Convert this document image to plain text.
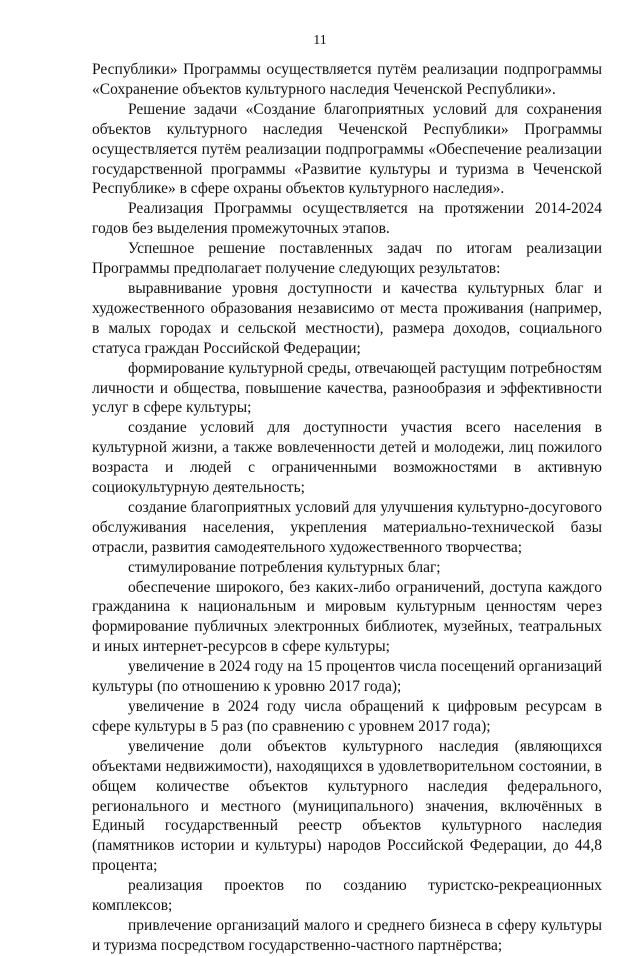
11

Республики» Программы осуществляется путём реализации подпрограммы «Сохранение объектов культурного наследия Чеченской Республики».

Решение задачи «Создание благоприятных условий для сохранения объектов культурного наследия Чеченской Республики» Программы осуществляется путём реализации подпрограммы «Обеспечение реализации государственной программы «Развитие культуры и туризма в Чеченской Республике» в сфере охраны объектов культурного наследия».

Реализация Программы осуществляется на протяжении 2014-2024 годов без выделения промежуточных этапов.

Успешное решение поставленных задач по итогам реализации Программы предполагает получение следующих результатов:

выравнивание уровня доступности и качества культурных благ и художественного образования независимо от места проживания (например, в малых городах и сельской местности), размера доходов, социального статуса граждан Российской Федерации;

формирование культурной среды, отвечающей растущим потребностям личности и общества, повышение качества, разнообразия и эффективности услуг в сфере культуры;

создание условий для доступности участия всего населения в культурной жизни, а также вовлеченности детей и молодежи, лиц пожилого возраста и людей с ограниченными возможностями в активную социокультурную деятельность;

создание благоприятных условий для улучшения культурно-досугового обслуживания населения, укрепления материально-технической базы отрасли, развития самодеятельного художественного творчества;

стимулирование потребления культурных благ;

обеспечение широкого, без каких-либо ограничений, доступа каждого гражданина к национальным и мировым культурным ценностям через формирование публичных электронных библиотек, музейных, театральных и иных интернет-ресурсов в сфере культуры;

увеличение в 2024 году на 15 процентов числа посещений организаций культуры (по отношению к уровню 2017 года);

увеличение в 2024 году числа обращений к цифровым ресурсам в сфере культуры в 5 раз (по сравнению с уровнем 2017 года);

увеличение доли объектов культурного наследия (являющихся объектами недвижимости), находящихся в удовлетворительном состоянии, в общем количестве объектов культурного наследия федерального, регионального и местного (муниципального) значения, включённых в Единый государственный реестр объектов культурного наследия (памятников истории и культуры) народов Российской Федерации, до 44,8 процента;

реализация проектов по созданию туристско-рекреационных комплексов;

привлечение организаций малого и среднего бизнеса в сферу культуры и туризма посредством государственно-частного партнёрства;
